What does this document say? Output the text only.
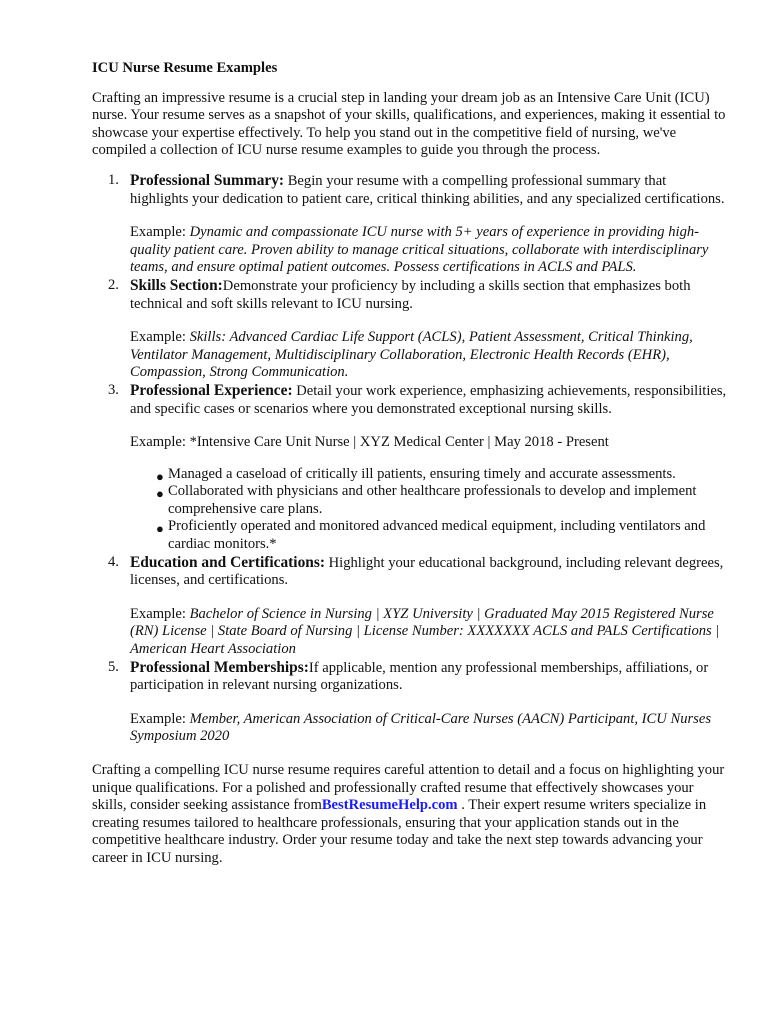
ICU Nurse Resume Examples

Crafting an impressive resume is a crucial step in landing your dream job as an Intensive Care Unit (ICU) nurse. Your resume serves as a snapshot of your skills, qualifications, and experiences, making it essential to showcase your expertise effectively. To help you stand out in the competitive field of nursing, we've compiled a collection of ICU nurse resume examples to guide you through the process.

1. Professional Summary: Begin your resume with a compelling professional summary that highlights your dedication to patient care, critical thinking abilities, and any specialized certifications.

Example: Dynamic and compassionate ICU nurse with 5+ years of experience in providing high-quality patient care. Proven ability to manage critical situations, collaborate with interdisciplinary teams, and ensure optimal patient outcomes. Possess certifications in ACLS and PALS.

2. Skills Section:Demonstrate your proficiency by including a skills section that emphasizes both technical and soft skills relevant to ICU nursing.

Example: Skills: Advanced Cardiac Life Support (ACLS), Patient Assessment, Critical Thinking, Ventilator Management, Multidisciplinary Collaboration, Electronic Health Records (EHR), Compassion, Strong Communication.

3. Professional Experience: Detail your work experience, emphasizing achievements, responsibilities, and specific cases or scenarios where you demonstrated exceptional nursing skills.

Example: *Intensive Care Unit Nurse | XYZ Medical Center | May 2018 - Present

● Managed a caseload of critically ill patients, ensuring timely and accurate assessments.
● Collaborated with physicians and other healthcare professionals to develop and implement comprehensive care plans.
● Proficiently operated and monitored advanced medical equipment, including ventilators and cardiac monitors.*
4. Education and Certifications: Highlight your educational background, including relevant degrees, licenses, and certifications.

Example: Bachelor of Science in Nursing | XYZ University | Graduated May 2015 Registered Nurse (RN) License | State Board of Nursing | License Number: XXXXXXX ACLS and PALS Certifications | American Heart Association

5. Professional Memberships:If applicable, mention any professional memberships, affiliations, or participation in relevant nursing organizations.

Example: Member, American Association of Critical-Care Nurses (AACN) Participant, ICU Nurses Symposium 2020

Crafting a compelling ICU nurse resume requires careful attention to detail and a focus on highlighting your unique qualifications. For a polished and professionally crafted resume that effectively showcases your skills, consider seeking assistance fromBestResumeHelp.com . Their expert resume writers specialize in creating resumes tailored to healthcare professionals, ensuring that your application stands out in the competitive healthcare industry. Order your resume today and take the next step towards advancing your career in ICU nursing.
